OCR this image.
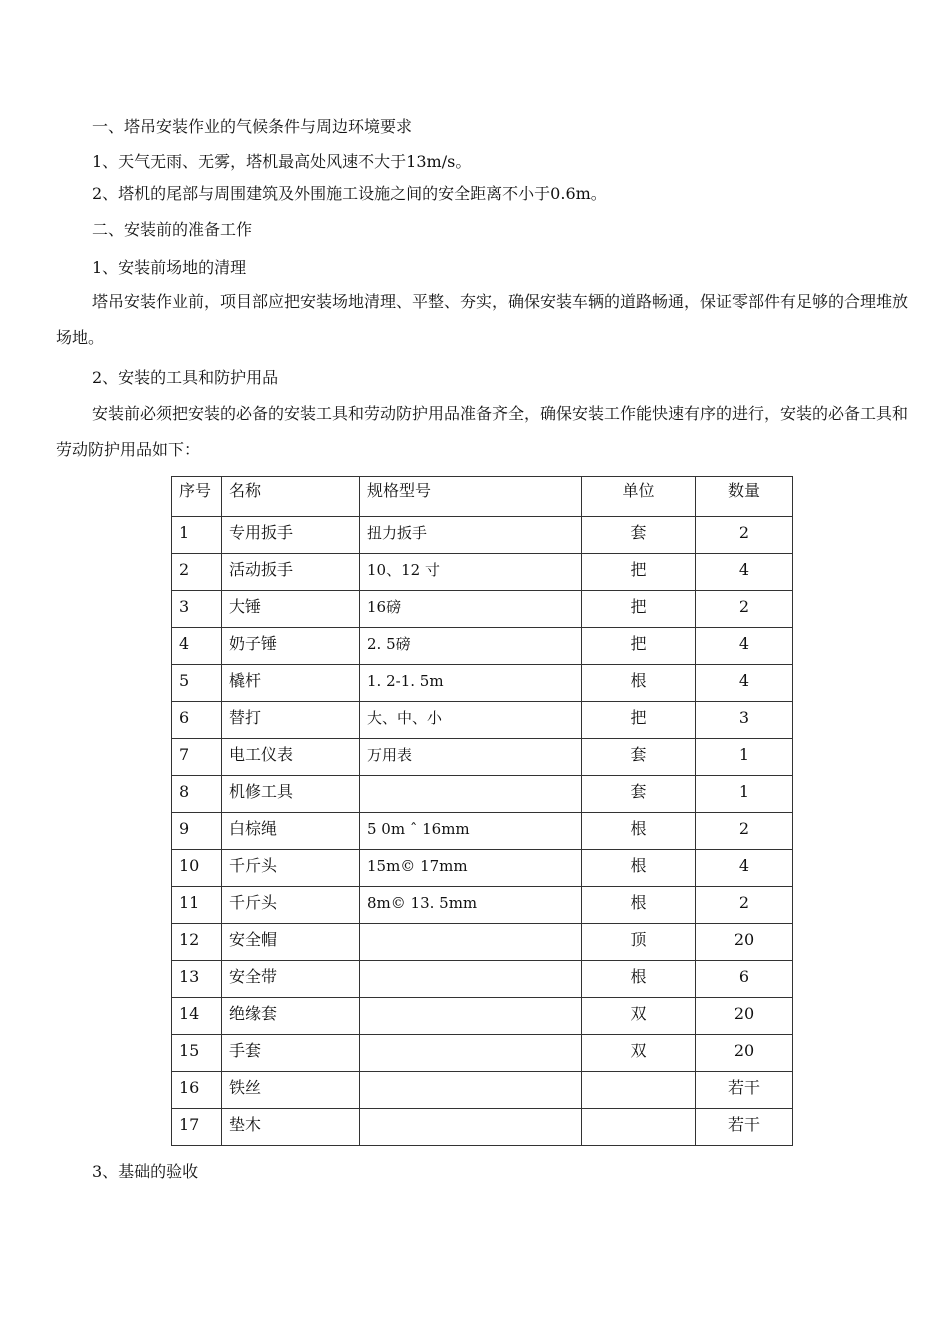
一、塔吊安装作业的气候条件与周边环境要求
1、天气无雨、无雾，塔机最高处风速不大于13m/s。
2、塔机的尾部与周围建筑及外围施工设施之间的安全距离不小于0.6m。
二、安装前的准备工作
1、安装前场地的清理
塔吊安装作业前，项目部应把安装场地清理、平整、夯实，确保安装车辆的道路畅通，保证零部件有足够的合理堆放场地。
2、安装的工具和防护用品
安装前必须把安装的必备的安装工具和劳动防护用品准备齐全，确保安装工作能快速有序的进行，安装的必备工具和劳动防护用品如下：
序号	名称	规格型号	单位	数量
1	专用扳手	扭力扳手	套	2
2	活动扳手	10、12 寸	把	4
3	大锤	16磅	把	2
4	奶子锤	2. 5磅	把	4
5	橇杆	1. 2-1. 5m	根	4
6	替打	大、中、小	把	3
7	电工仪表	万用表	套	1
8	机修工具		套	1
9	白棕绳	5 0m ˆ 16mm	根	2
10	千斤头	15m© 17mm	根	4
11	千斤头	8m© 13. 5mm	根	2
12	安全帽		顶	20
13	安全带		根	6
14	绝缘套		双	20
15	手套		双	20
16	铁丝			若干
17	垫木			若干
3、基础的验收
